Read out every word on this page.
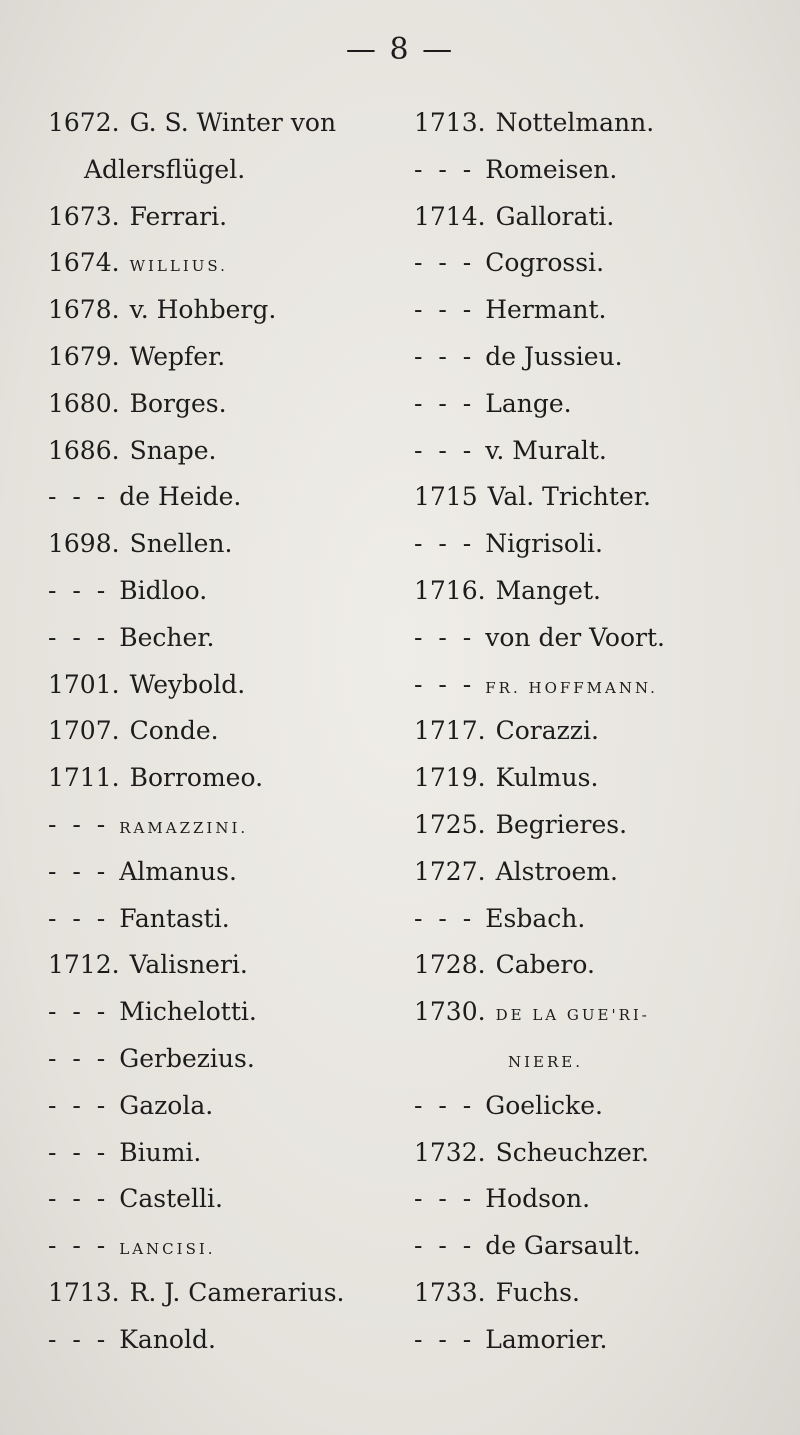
— 8 —
1672. G. S. Winter von
Adlersflügel.
1673. Ferrari.
1674. WILLIUS.
1678. v. Hohberg.
1679. Wepfer.
1680. Borges.
1686. Snape.
- - - de Heide.
1698. Snellen.
- - - Bidloo.
- - - Becher.
1701. Weybold.
1707. Conde.
1711. Borromeo.
- - - RAMAZZINI.
- - - Almanus.
- - - Fantasti.
1712. Valisneri.
- - - Michelotti.
- - - Gerbezius.
- - - Gazola.
- - - Biumi.
- - - Castelli.
- - - LANCISI.
1713. R. J. Camerarius.
- - - Kanold.
1713. Nottelmann.
- - - Romeisen.
1714. Gallorati.
- - - Cogrossi.
- - - Hermant.
- - - de Jussieu.
- - - Lange.
- - - v. Muralt.
1715 Val. Trichter.
- - - Nigrisoli.
1716. Manget.
- - - von der Voort.
- - - FR. HOFFMANN.
1717. Corazzi.
1719. Kulmus.
1725. Begrieres.
1727. Alstroem.
- - - Esbach.
1728. Cabero.
1730. DE LA GUE'RI-
NIERE.
- - - Goelicke.
1732. Scheuchzer.
- - - Hodson.
- - - de Garsault.
1733. Fuchs.
- - - Lamorier.
